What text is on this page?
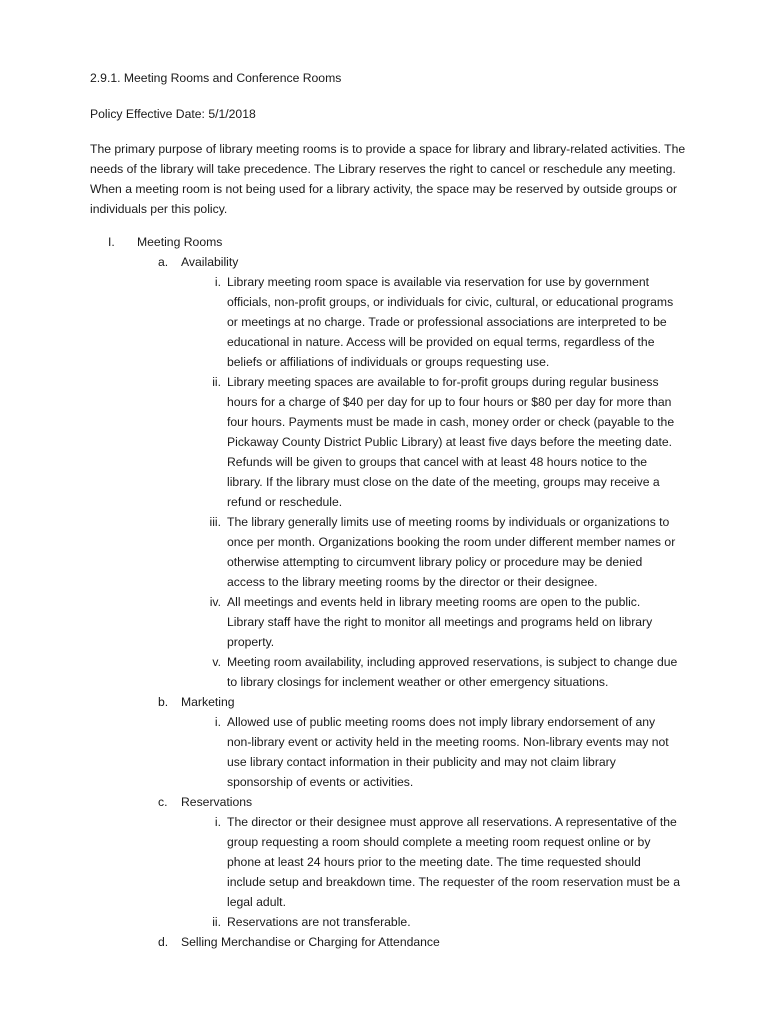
2.9.1. Meeting Rooms and Conference Rooms
Policy Effective Date: 5/1/2018
The primary purpose of library meeting rooms is to provide a space for library and library-related activities. The needs of the library will take precedence. The Library reserves the right to cancel or reschedule any meeting. When a meeting room is not being used for a library activity, the space may be reserved by outside groups or individuals per this policy.
I. Meeting Rooms
a.	Availability
i. Library meeting room space is available via reservation for use by government officials, non-profit groups, or individuals for civic, cultural, or educational programs or meetings at no charge. Trade or professional associations are interpreted to be educational in nature. Access will be provided on equal terms, regardless of the beliefs or affiliations of individuals or groups requesting use.
ii. Library meeting spaces are available to for-profit groups during regular business hours for a charge of $40 per day for up to four hours or $80 per day for more than four hours. Payments must be made in cash, money order or check (payable to the Pickaway County District Public Library) at least five days before the meeting date. Refunds will be given to groups that cancel with at least 48 hours notice to the library. If the library must close on the date of the meeting, groups may receive a refund or reschedule.
iii. The library generally limits use of meeting rooms by individuals or organizations to once per month. Organizations booking the room under different member names or otherwise attempting to circumvent library policy or procedure may be denied access to the library meeting rooms by the director or their designee.
iv. All meetings and events held in library meeting rooms are open to the public. Library staff have the right to monitor all meetings and programs held on library property.
v. Meeting room availability, including approved reservations, is subject to change due to library closings for inclement weather or other emergency situations.
b.	Marketing
i. Allowed use of public meeting rooms does not imply library endorsement of any non-library event or activity held in the meeting rooms. Non-library events may not use library contact information in their publicity and may not claim library sponsorship of events or activities.
c.	Reservations
i. The director or their designee must approve all reservations. A representative of the group requesting a room should complete a meeting room request online or by phone at least 24 hours prior to the meeting date. The time requested should include setup and breakdown time. The requester of the room reservation must be a legal adult.
ii. Reservations are not transferable.
d.	Selling Merchandise or Charging for Attendance
